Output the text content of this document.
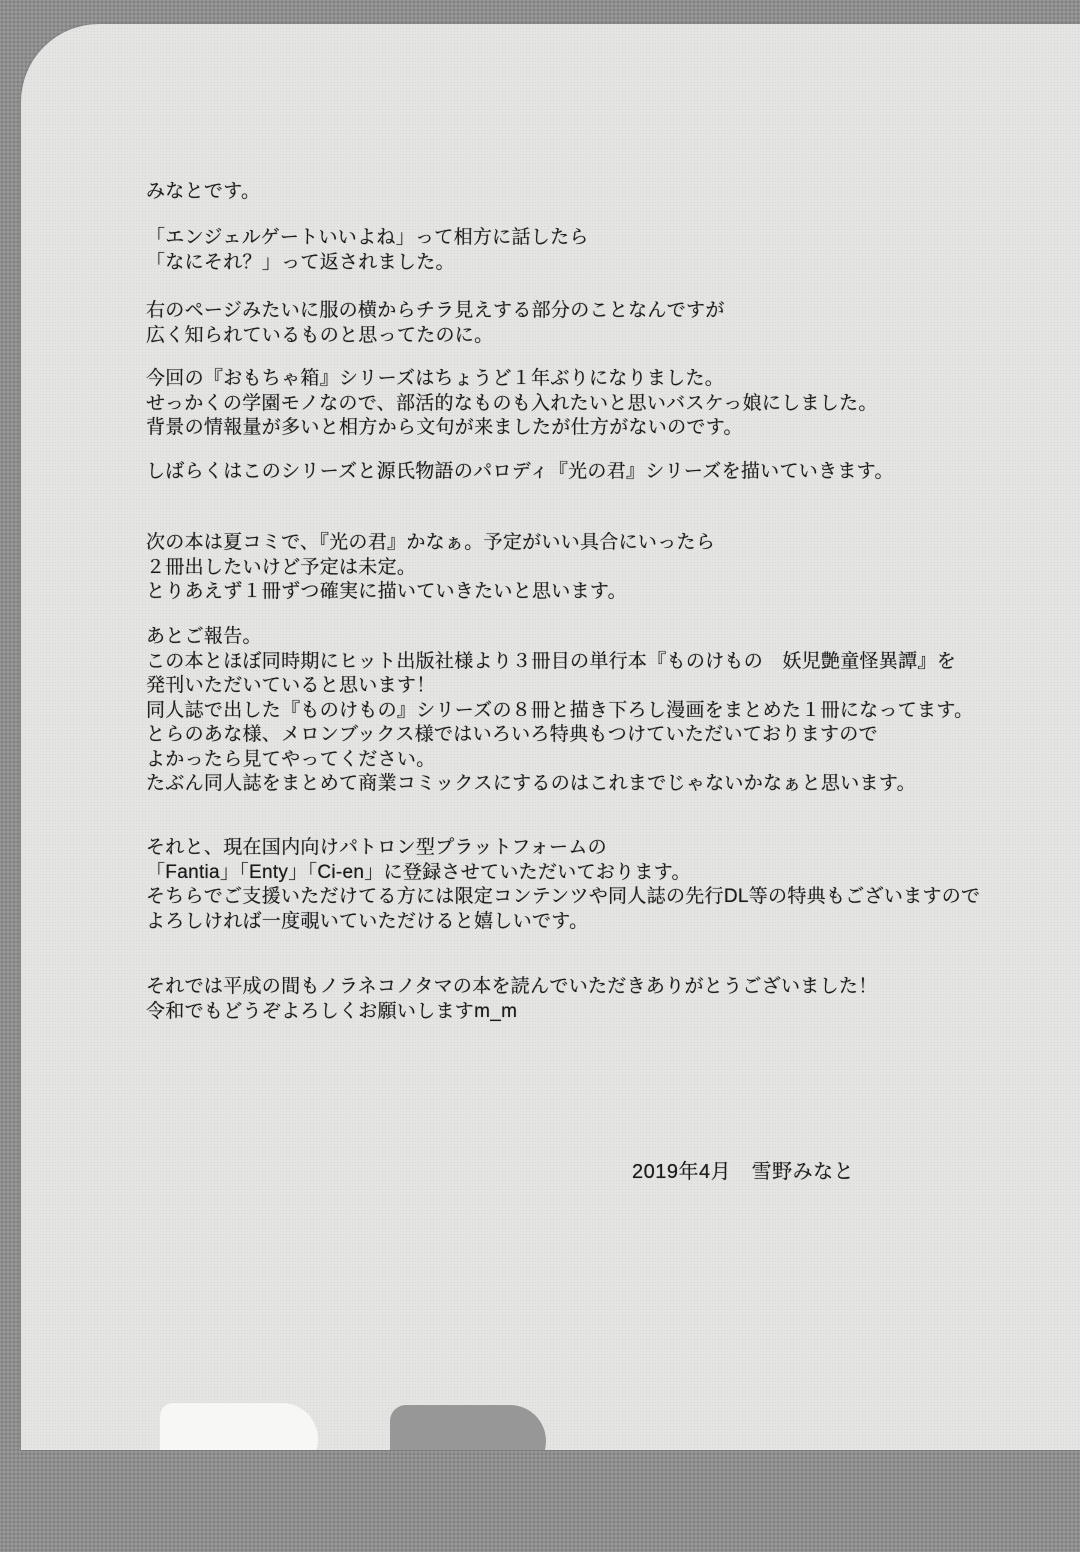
みなとです。
「エンジェルゲートいいよね」って相方に話したら
「なにそれ？」って返されました。
右のページみたいに服の横からチラ見えする部分のことなんですが
広く知られているものと思ってたのに。
今回の『おもちゃ箱』シリーズはちょうど１年ぶりになりました。
せっかくの学園モノなので、部活的なものも入れたいと思いバスケっ娘にしました。
背景の情報量が多いと相方から文句が来ましたが仕方がないのです。
しばらくはこのシリーズと源氏物語のパロディ『光の君』シリーズを描いていきます。
次の本は夏コミで、『光の君』かなぁ。予定がいい具合にいったら
２冊出したいけど予定は未定。
とりあえず１冊ずつ確実に描いていきたいと思います。
あとご報告。
この本とほぼ同時期にヒット出版社様より３冊目の単行本『ものけもの　妖児艶童怪異譚』を
発刊いただいていると思います！
同人誌で出した『ものけもの』シリーズの８冊と描き下ろし漫画をまとめた１冊になってます。
とらのあな様、メロンブックス様ではいろいろ特典もつけていただいておりますので
よかったら見てやってください。
たぶん同人誌をまとめて商業コミックスにするのはこれまでじゃないかなぁと思います。
それと、現在国内向けパトロン型プラットフォームの
「Fantia」「Enty」「Ci-en」に登録させていただいております。
そちらでご支援いただけてる方には限定コンテンツや同人誌の先行DL等の特典もございますので
よろしければ一度覗いていただけると嬉しいです。
それでは平成の間もノラネコノタマの本を読んでいただきありがとうございました！
令和でもどうぞよろしくお願いしますm_m
2019年4月　雪野みなと
